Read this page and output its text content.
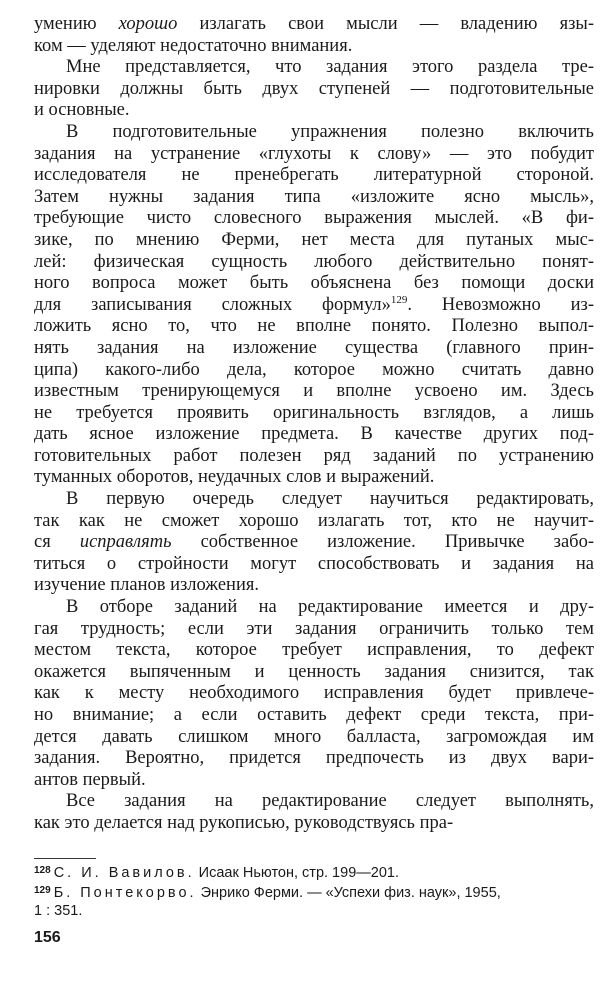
умению хорошо излагать свои мысли — владению язы-
ком — уделяют недостаточно внимания.

Мне представляется, что задания этого раздела тре-
нировки должны быть двух ступеней — подготовительные
и основные.

В подготовительные упражнения полезно включить
задания на устранение «глухоты к слову» — это побудит
исследователя не пренебрегать литературной стороной.
Затем нужны задания типа «изложите ясно мысль»,
требующие чисто словесного выражения мыслей. «В фи-
зике, по мнению Ферми, нет места для путаных мыс-
лей: физическая сущность любого действительно понят-
ного вопроса может быть объяснена без помощи доски
для записывания сложных формул»$^{129}$. Невозможно из-
ложить ясно то, что не вполне понято. Полезно выпол-
нять задания на изложение существа (главного прин-
ципа) какого-либо дела, которое можно считать давно
известным тренирующемуся и вполне усвоено им. Здесь
не требуется проявить оригинальность взглядов, а лишь
дать ясное изложение предмета. В качестве других под-
готовительных работ полезен ряд заданий по устранению
туманных оборотов, неудачных слов и выражений.

В первую очередь следует научиться редактировать,
так как не сможет хорошо излагать тот, кто не научит-
ся исправлять собственное изложение. Привычке забо-
титься о стройности могут способствовать и задания на
изучение планов изложения.

В отборе заданий на редактирование имеется и дру-
гая трудность; если эти задания ограничить только тем
местом текста, которое требует исправления, то дефект
окажется выпяченным и ценность задания снизится, так
как к месту необходимого исправления будет привлече-
но внимание; а если оставить дефект среди текста, при-
дется давать слишком много балласта, загромождая им
задания. Вероятно, придется предпочесть из двух вари-
антов первый.

Все задания на редактирование следует выполнять,
как это делается над рукописью, руководствуясь пра-

$^{128}$ С. И. Вавилов. Исаак Ньютон, стр. 199—201.
$^{129}$ Б. Понтекорво. Энрико Ферми. — «Успехи физ. наук», 1955,
1 : 351.
156
